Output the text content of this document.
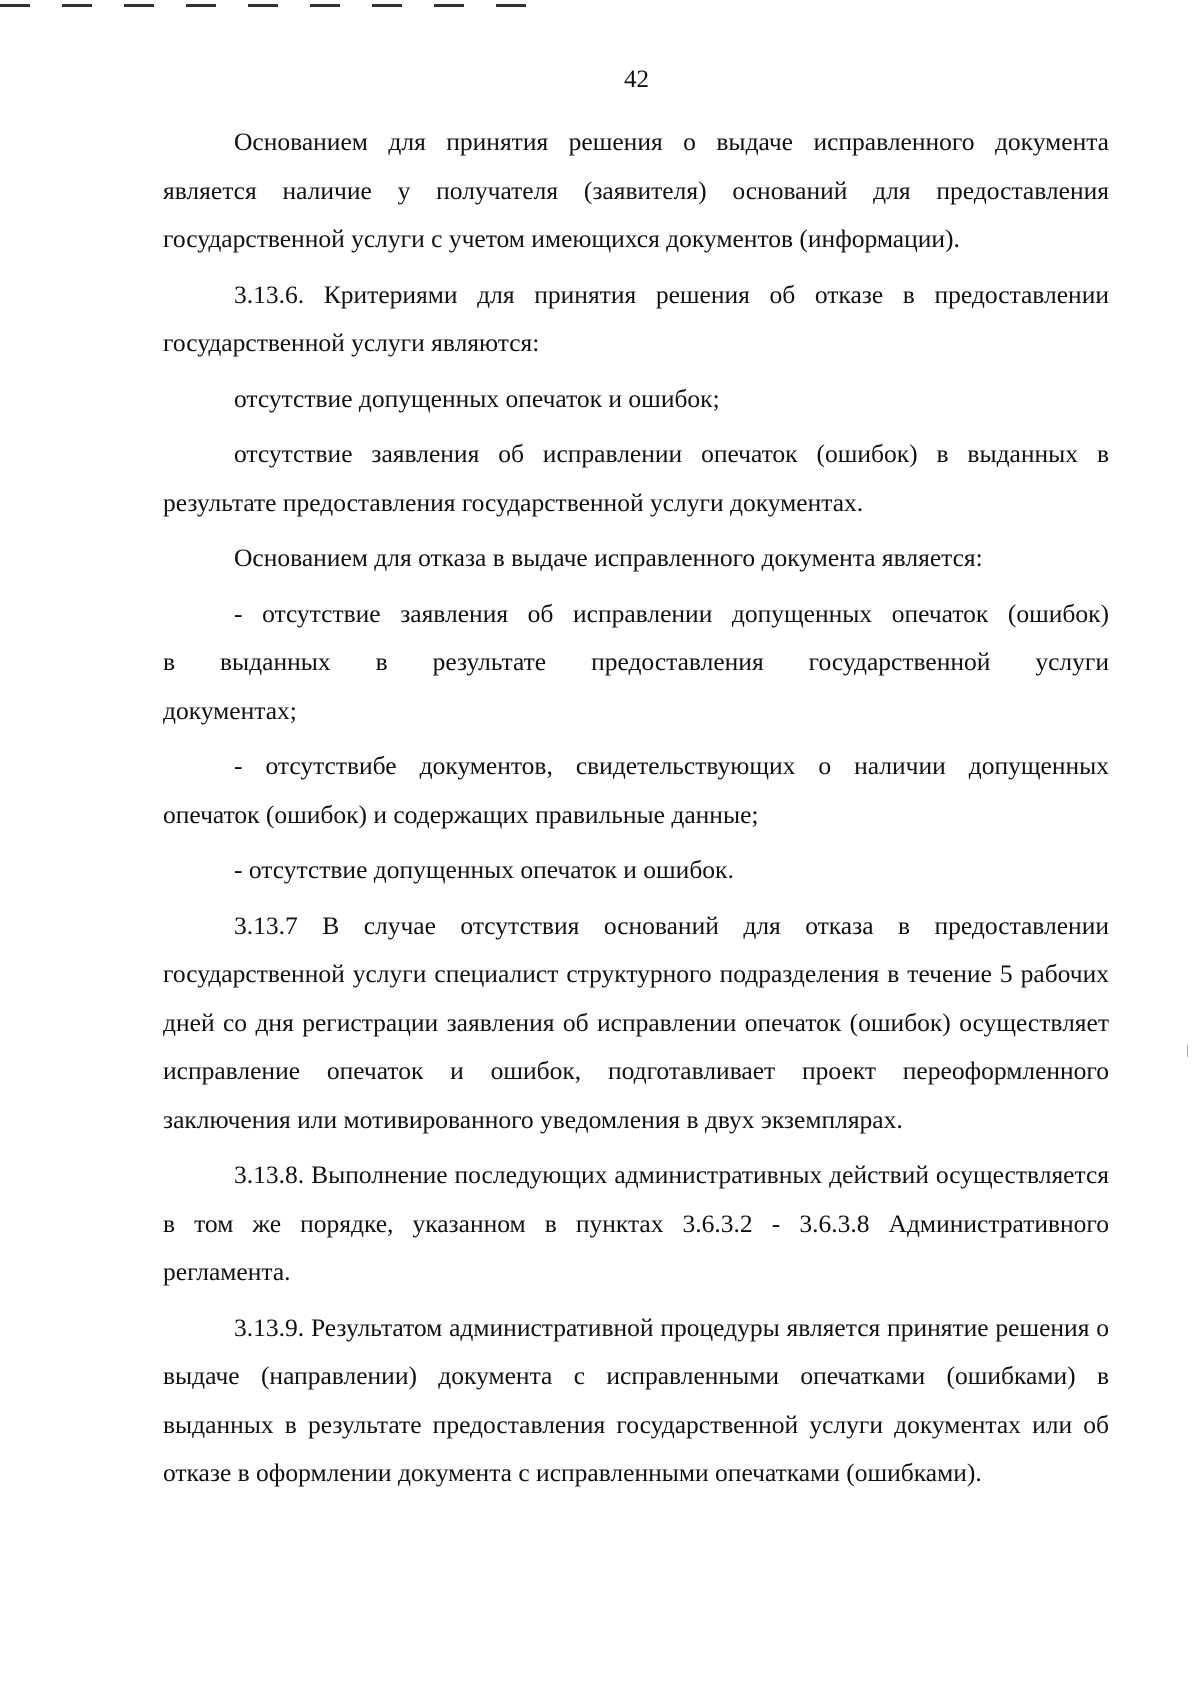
42

Основанием для принятия решения о выдаче исправленного документа является наличие у получателя (заявителя) оснований для предоставления государственной услуги с учетом имеющихся документов (информации).

3.13.6. Критериями для принятия решения об отказе в предоставлении государственной услуги являются:

отсутствие допущенных опечаток и ошибок;

отсутствие заявления об исправлении опечаток (ошибок) в выданных в результате предоставления государственной услуги документах.

Основанием для отказа в выдаче исправленного документа является:

- отсутствие заявления об исправлении допущенных опечаток (ошибок)

в выданных в результате предоставления государственной услуги

документах;

- отсутствибе документов, свидетельствующих о наличии допущенных опечаток (ошибок) и содержащих правильные данные;

- отсутствие допущенных опечаток и ошибок.

3.13.7 В случае отсутствия оснований для отказа в предоставлении государственной услуги специалист структурного подразделения в течение 5 рабочих дней со дня регистрации заявления об исправлении опечаток (ошибок) осуществляет исправление опечаток и ошибок, подготавливает проект переоформленного заключения или мотивированного уведомления в двух экземплярах.

3.13.8. Выполнение последующих административных действий осуществляется в том же порядке, указанном в пунктах 3.6.3.2 - 3.6.3.8 Административного регламента.

3.13.9. Результатом административной процедуры является принятие решения о выдаче (направлении) документа с исправленными опечатками (ошибками) в выданных в результате предоставления государственной услуги документах или об отказе в оформлении документа с исправленными опечатками (ошибками).
